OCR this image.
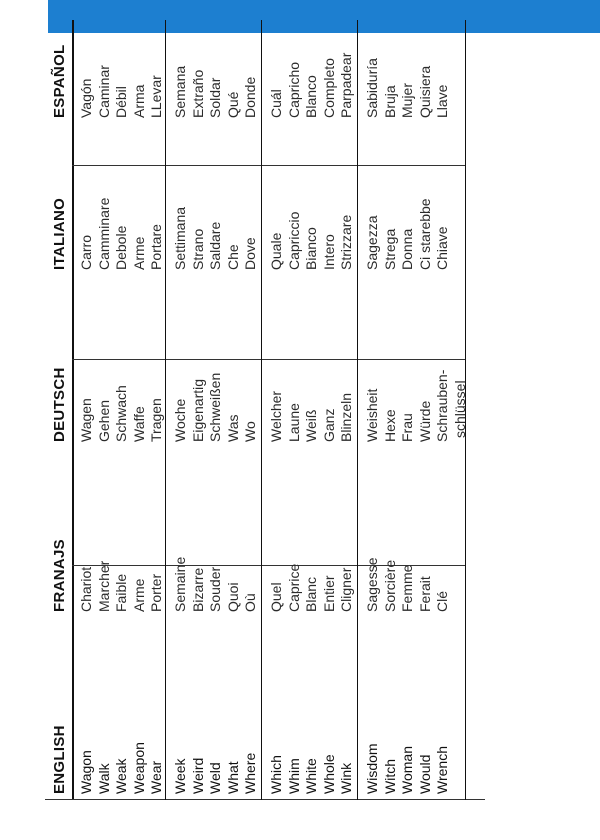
ENGLISH
FRANAJS
DEUTSCH
ITALIANO
ESPAÑOL
schlüssel
Wagon
Chariot
Wagen
Carro
Vagón
Walk
Marcher
Gehen
Camminare
Caminar
Weak
Faible
Schwach
Debole
Débil
Weapon
Arme
Waffe
Arme
Arma
Wear
Porter
Tragen
Portare
LLevar
Week
Semaine
Woche
Settimana
Semana
Weird
Bizarre
Eigenartig
Strano
Extraño
Weld
Souder
Schweißen
Saldare
Soldar
What
Quoi
Was
Che
Qué
Where
Où
Wo
Dove
Donde
Which
Quel
Welcher
Quale
Cuál
Whim
Caprice
Laune
Capriccio
Capricho
White
Blanc
Weiß
Bianco
Blanco
Whole
Entier
Ganz
Intero
Completo
Wink
Cligner
Blinzeln
Strizzare
Parpadear
Wisdom
Sagesse
Weisheit
Sagezza
Sabiduría
Witch
Sorcière
Hexe
Strega
Bruja
Woman
Femme
Frau
Donna
Mujer
Would
Ferait
Würde
Ci starebbe
Quisiera
Wrench
Clé
Schrauben-
Chiave
Llave
